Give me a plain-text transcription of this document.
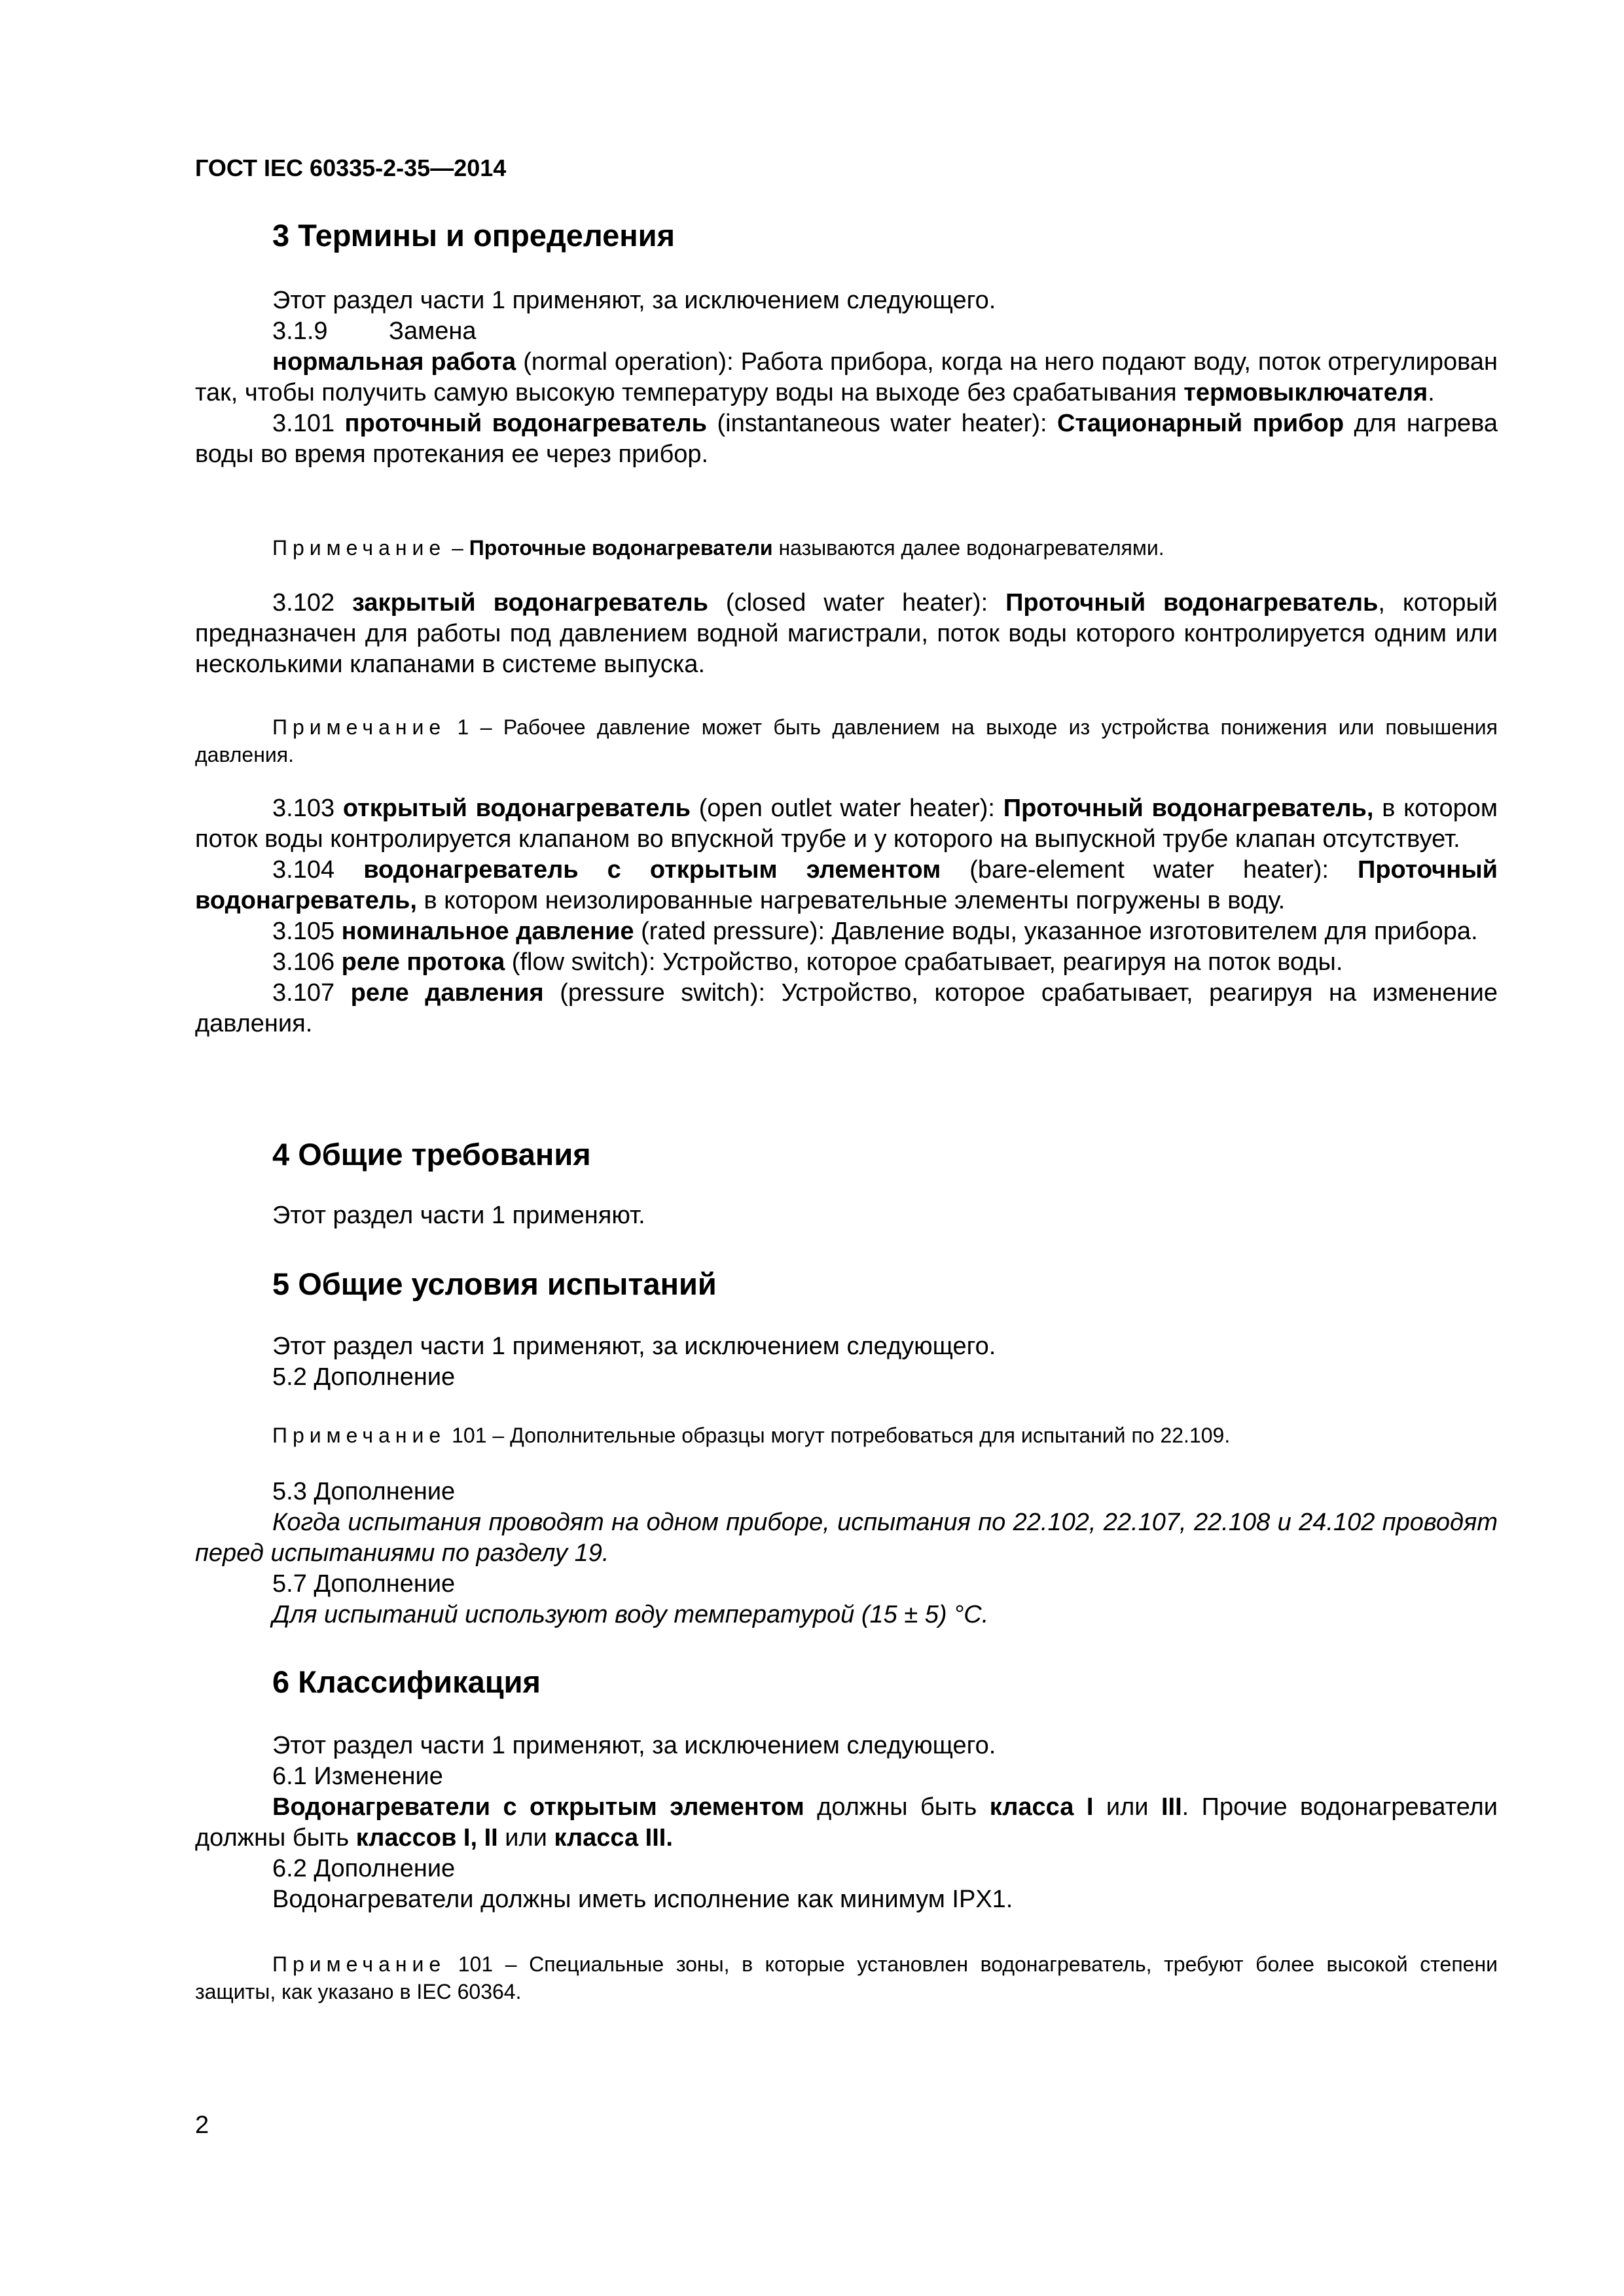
ГОСТ IEC 60335-2-35—2014
3 Термины и определения

Этот раздел части 1 применяют, за исключением следующего.

3.1.9 Замена

нормальная работа (normal operation): Работа прибора, когда на него подают воду, поток отрегулирован так, чтобы получить самую высокую температуру воды на выходе без срабатывания термовыключателя.

3.101 проточный водонагреватель (instantaneous water heater): Стационарный прибор для нагрева воды во время протекания ее через прибор.

Примечание – Проточные водонагреватели называются далее водонагревателями.

3.102 закрытый водонагреватель (closed water heater): Проточный водонагреватель, который предназначен для работы под давлением водной магистрали, поток воды которого контролируется одним или несколькими клапанами в системе выпуска.

Примечание 1 – Рабочее давление может быть давлением на выходе из устройства понижения или повышения давления.

3.103 открытый водонагреватель (open outlet water heater): Проточный водонагреватель, в котором поток воды контролируется клапаном во впускной трубе и у которого на выпускной трубе клапан отсутствует.

3.104 водонагреватель с открытым элементом (bare-element water heater): Проточный водонагреватель, в котором неизолированные нагревательные элементы погружены в воду.

3.105 номинальное давление (rated pressure): Давление воды, указанное изготовителем для прибора.

3.106 реле протока (flow switch): Устройство, которое срабатывает, реагируя на поток воды.

3.107 реле давления (pressure switch): Устройство, которое срабатывает, реагируя на изменение давления.

4 Общие требования

Этот раздел части 1 применяют.

5 Общие условия испытаний

Этот раздел части 1 применяют, за исключением следующего.

5.2 Дополнение

Примечание 101 – Дополнительные образцы могут потребоваться для испытаний по 22.109.

5.3 Дополнение

Когда испытания проводят на одном приборе, испытания по 22.102, 22.107, 22.108 и 24.102 проводят перед испытаниями по разделу 19.

5.7 Дополнение

Для испытаний используют воду температурой (15 ± 5) °С.

6 Классификация

Этот раздел части 1 применяют, за исключением следующего.

6.1 Изменение

Водонагреватели с открытым элементом должны быть класса I или III. Прочие водонагреватели должны быть классов I, II или класса III.

6.2 Дополнение

Водонагреватели должны иметь исполнение как минимум IPX1.

Примечание 101 – Специальные зоны, в которые установлен водонагреватель, требуют более высокой степени защиты, как указано в IEC 60364.

2
